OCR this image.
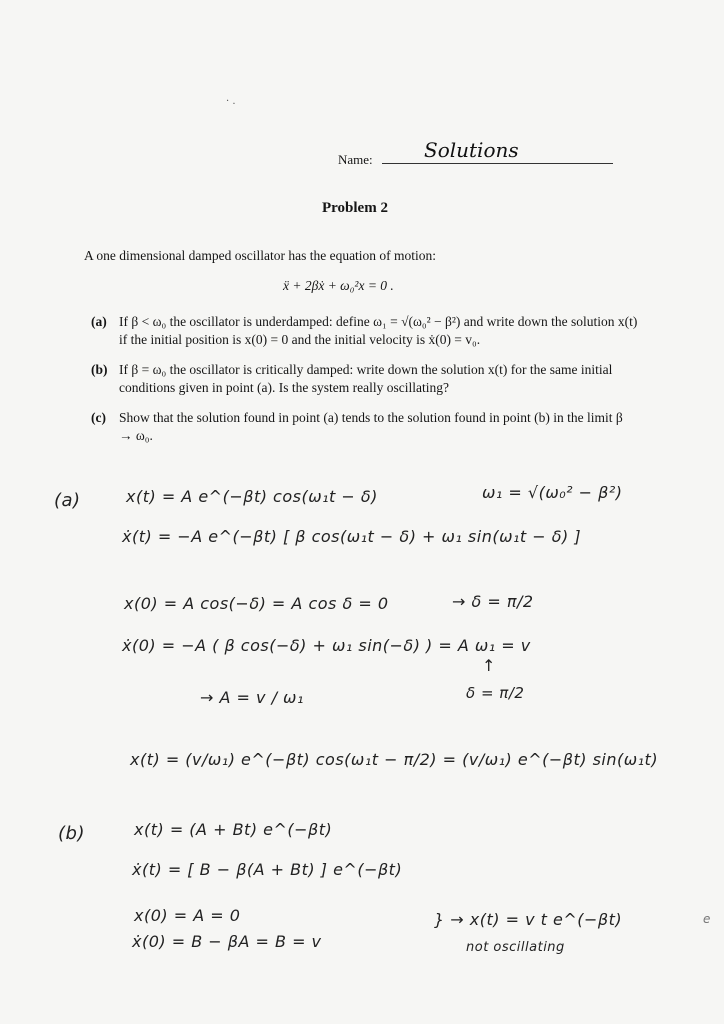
· .
Name:	Solutions
Problem 2
A one dimensional damped oscillator has the equation of motion:
ẍ + 2βẋ + ω₀²x = 0 .
(a) If β < ω₀ the oscillator is underdamped: define ω₁ = √(ω₀² − β²) and write down the solution x(t) if the initial position is x(0) = 0 and the initial velocity is ẋ(0) = v₀.
(b) If β = ω₀ the oscillator is critically damped: write down the solution x(t) for the same initial conditions given in point (a). Is the system really oscillating?
(c) Show that the solution found in point (a) tends to the solution found in point (b) in the limit β → ω₀.
(a)	x(t) = A e^(−βt) cos(ω₁t − δ)	ω₁ = √(ω₀² − β²)
ẋ(t) = −A e^(−βt) [ β cos(ω₁t − δ) + ω₁ sin(ω₁t − δ) ]
x(0) = A cos(−δ) = A cos δ = 0	→ δ = π/2
ẋ(0) = −A ( β cos(−δ) + ω₁ sin(−δ) ) = A ω₁ = v
↑
δ = π/2
→ A = v / ω₁
x(t) = (v/ω₁) e^(−βt) cos(ω₁t − π/2) = (v/ω₁) e^(−βt) sin(ω₁t)
(b)	x(t) = (A + Bt) e^(−βt)
ẋ(t) = [ B − β(A + Bt) ] e^(−βt)
x(0) = A = 0
ẋ(0) = B − βA = B = v
} → x(t) = v t e^(−βt)
not oscillating
e
